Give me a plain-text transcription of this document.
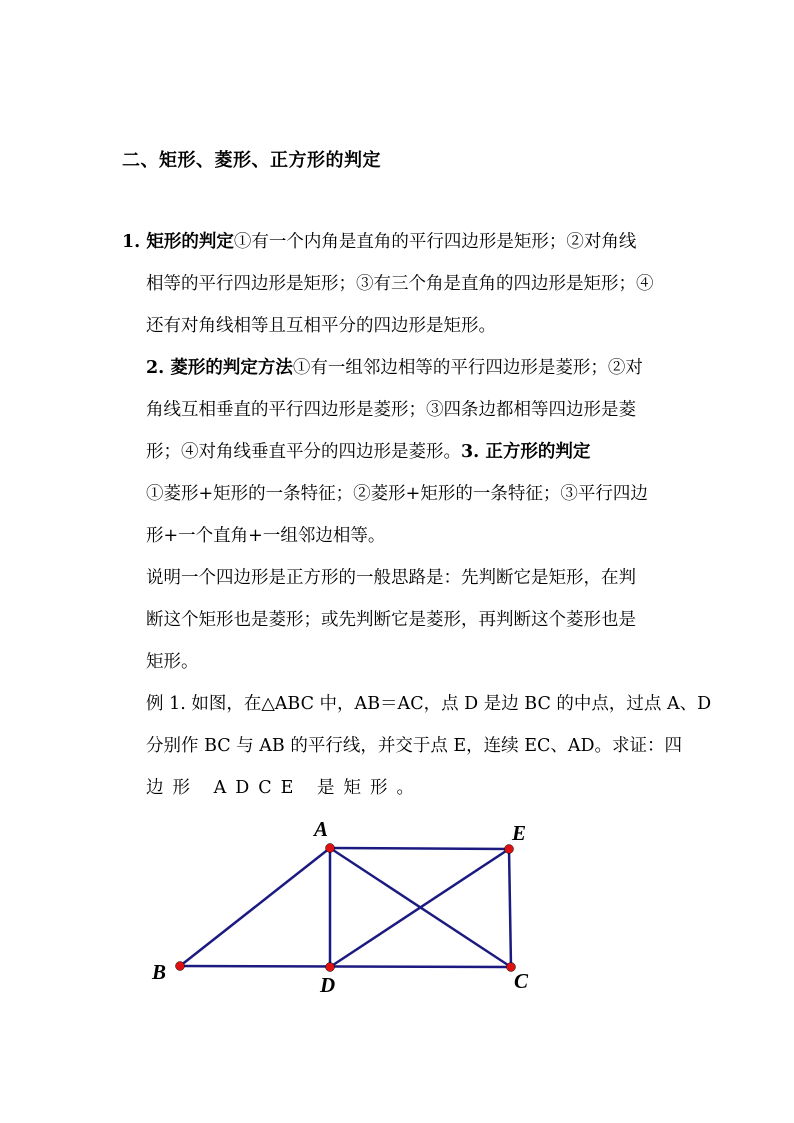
二、矩形、菱形、正方形的判定
1. 矩形的判定①有一个内角是直角的平行四边形是矩形；②对角线
相等的平行四边形是矩形；③有三个角是直角的四边形是矩形；④
还有对角线相等且互相平分的四边形是矩形。
2. 菱形的判定方法①有一组邻边相等的平行四边形是菱形；②对
角线互相垂直的平行四边形是菱形；③四条边都相等四边形是菱
形；④对角线垂直平分的四边形是菱形。3. 正方形的判定
①菱形+矩形的一条特征；②菱形+矩形的一条特征；③平行四边
形+一个直角+一组邻边相等。
说明一个四边形是正方形的一般思路是：先判断它是矩形，在判
断这个矩形也是菱形；或先判断它是菱形，再判断这个菱形也是
矩形。
例 1. 如图，在△ABC 中，AB＝AC，点 D 是边 BC 的中点，过点 A、D
分别作 BC 与 AB 的平行线，并交于点 E，连续 EC、AD。求证：四
边形 ADCE 是矩形。
A
B
D	C
E
